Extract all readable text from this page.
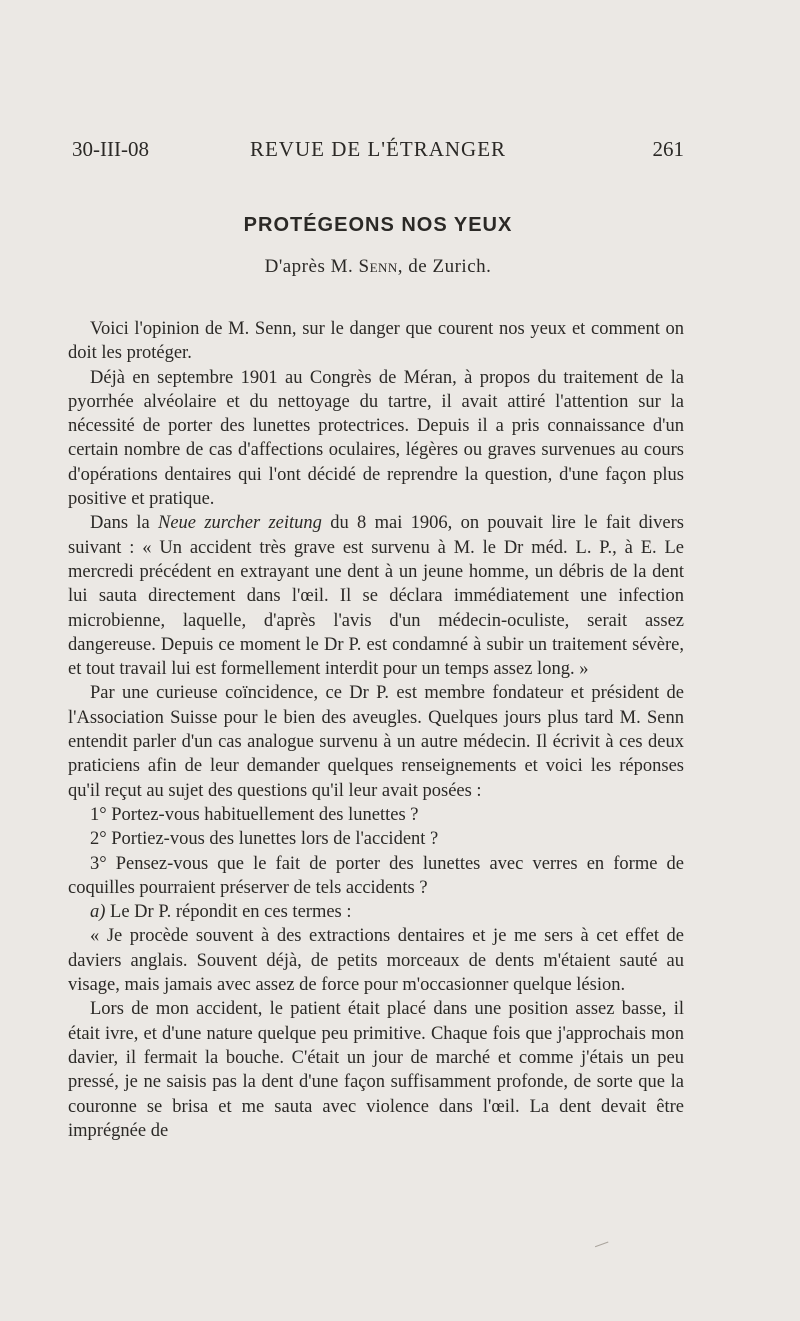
30-III-08	REVUE DE L'ÉTRANGER	261
PROTÉGEONS NOS YEUX
D'après M. Senn, de Zurich.

Voici l'opinion de M. Senn, sur le danger que courent nos yeux et comment on doit les protéger.

Déjà en septembre 1901 au Congrès de Méran, à propos du traitement de la pyorrhée alvéolaire et du nettoyage du tartre, il avait attiré l'attention sur la nécessité de porter des lunettes protectrices. Depuis il a pris connaissance d'un certain nombre de cas d'affections oculaires, légères ou graves survenues au cours d'opérations dentaires qui l'ont décidé de reprendre la question, d'une façon plus positive et pratique.

Dans la Neue zurcher zeitung du 8 mai 1906, on pouvait lire le fait divers suivant : « Un accident très grave est survenu à M. le Dr méd. L. P., à E. Le mercredi précédent en extrayant une dent à un jeune homme, un débris de la dent lui sauta directement dans l'œil. Il se déclara immédiatement une infection microbienne, laquelle, d'après l'avis d'un médecin-oculiste, serait assez dangereuse. Depuis ce moment le Dr P. est condamné à subir un traitement sévère, et tout travail lui est formellement interdit pour un temps assez long. »

Par une curieuse coïncidence, ce Dr P. est membre fondateur et président de l'Association Suisse pour le bien des aveugles. Quelques jours plus tard M. Senn entendit parler d'un cas analogue survenu à un autre médecin. Il écrivit à ces deux praticiens afin de leur demander quelques renseignements et voici les réponses qu'il reçut au sujet des questions qu'il leur avait posées :

1° Portez-vous habituellement des lunettes ?

2° Portiez-vous des lunettes lors de l'accident ?

3° Pensez-vous que le fait de porter des lunettes avec verres en forme de coquilles pourraient préserver de tels accidents ?

a) Le Dr P. répondit en ces termes :

« Je procède souvent à des extractions dentaires et je me sers à cet effet de daviers anglais. Souvent déjà, de petits morceaux de dents m'étaient sauté au visage, mais jamais avec assez de force pour m'occasionner quelque lésion.

Lors de mon accident, le patient était placé dans une position assez basse, il était ivre, et d'une nature quelque peu primitive. Chaque fois que j'approchais mon davier, il fermait la bouche. C'était un jour de marché et comme j'étais un peu pressé, je ne saisis pas la dent d'une façon suffisamment profonde, de sorte que la couronne se brisa et me sauta avec violence dans l'œil. La dent devait être imprégnée de
